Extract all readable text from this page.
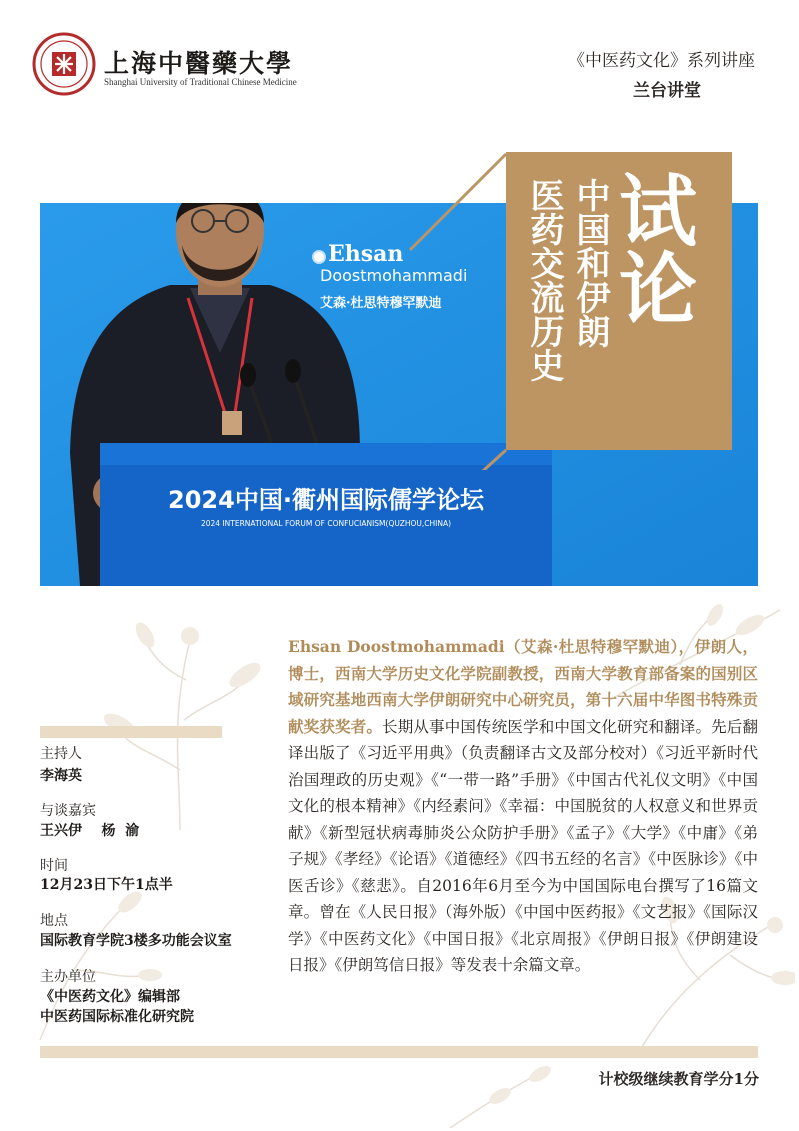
上海中醫藥大學
Shanghai University of Traditional Chinese Medicine
《中医药文化》系列讲座
兰台讲堂
2024中国·衢州国际儒学论坛
2024 INTERNATIONAL FORUM OF CONFUCIANISM(QUZHOU,CHINA)
Ehsan
Doostmohammadi
艾森·杜思特穆罕默迪 试论
中国和伊朗
医药交流历史
Ehsan Doostmohammadi（艾森·杜思特穆罕默迪），伊朗人，博士，西南大学历史文化学院副教授，西南大学教育部备案的国别区域研究基地西南大学伊朗研究中心研究员，第十六届中华图书特殊贡献奖获奖者。长期从事中国传统医学和中国文化研究和翻译。先后翻译出版了《习近平用典》（负责翻译古文及部分校对）《习近平新时代治国理政的历史观》《“一带一路”手册》《中国古代礼仪文明》《中国文化的根本精神》《内经素问》《幸福：中国脱贫的人权意义和世界贡献》《新型冠状病毒肺炎公众防护手册》《孟子》《大学》《中庸》《弟子规》《孝经》《论语》《道德经》《四书五经的名言》《中医脉诊》《中医舌诊》《慈悲》。自2016年6月至今为中国国际电台撰写了16篇文章。曾在《人民日报》（海外版）《中国中医药报》《文艺报》《国际汉学》《中医药文化》《中国日报》《北京周报》《伊朗日报》《伊朗建设日报》《伊朗笃信日报》等发表十余篇文章。
主持人
李海英
与谈嘉宾
王兴伊    杨  渝
时间
12月23日下午1点半
地点
国际教育学院3楼多功能会议室
主办单位
《中医药文化》编辑部
中医药国际标准化研究院
计校级继续教育学分1分
